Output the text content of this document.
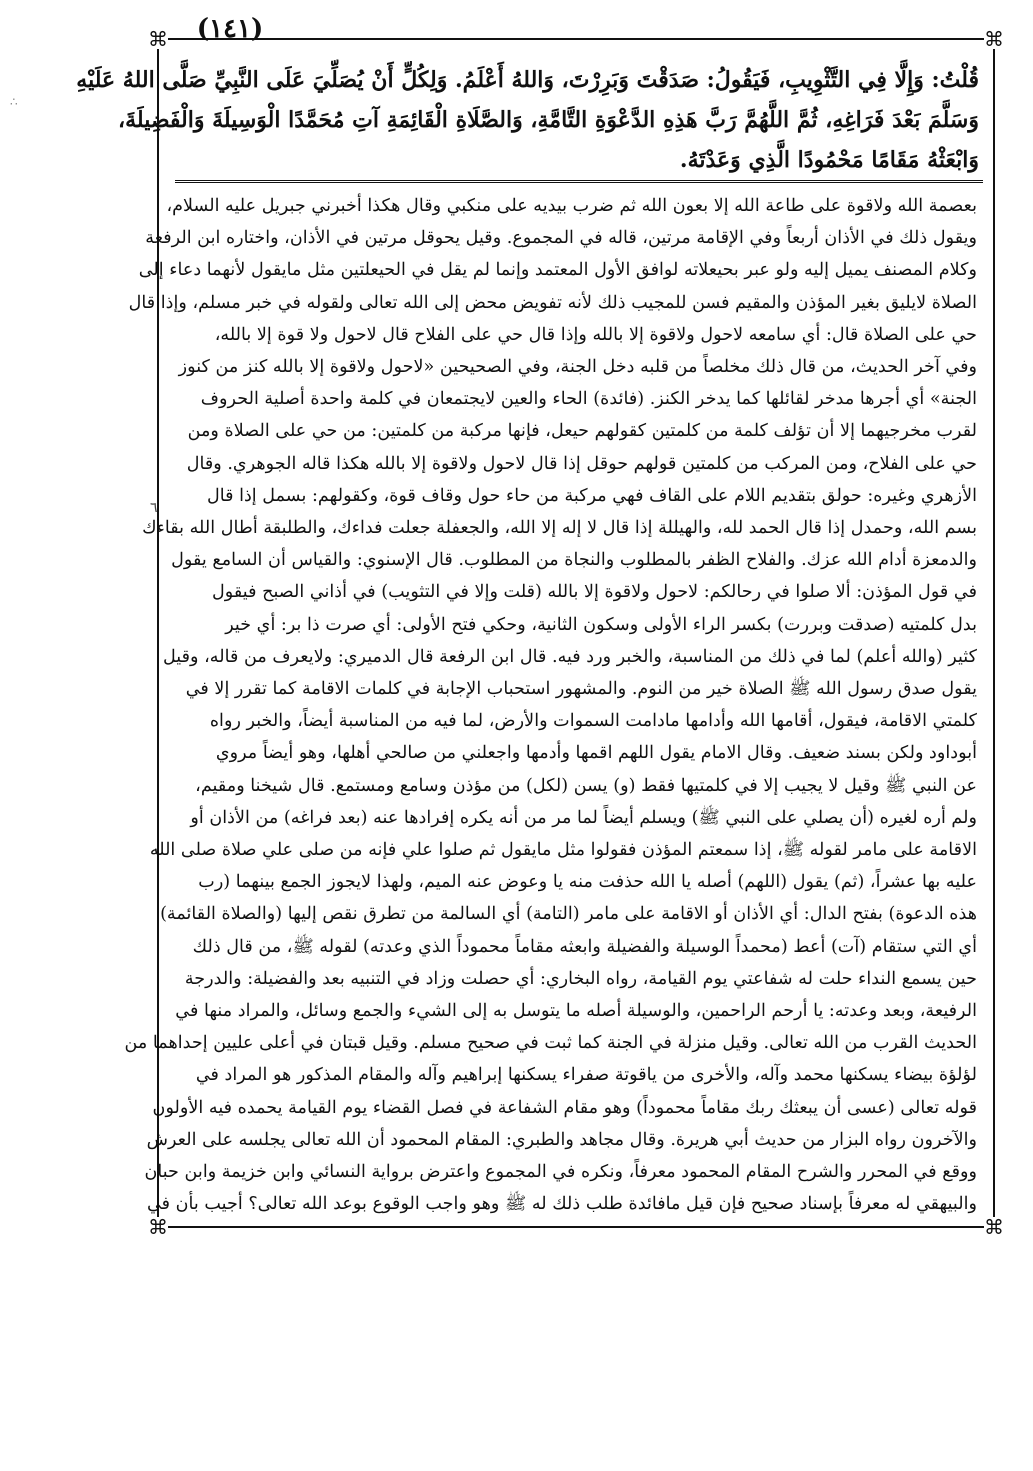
(١٤١)
∴
٦
⌘	⌘
⌘	⌘

قُلْتُ: وَإِلَّا فِي التَّثْوِيبِ، فَيَقُولُ: صَدَقْتَ وَبَرِرْتَ، وَاللهُ أَعْلَمُ. وَلِكُلٍّ أَنْ يُصَلِّيَ عَلَى النَّبِيِّ صَلَّى اللهُ عَلَيْهِ

وَسَلَّمَ بَعْدَ فَرَاغِهِ، ثُمَّ اللَّهُمَّ رَبَّ هَذِهِ الدَّعْوَةِ التَّامَّةِ، وَالصَّلَاةِ الْقَائِمَةِ آتِ مُحَمَّدًا الْوَسِيلَةَ وَالْفَضِيلَةَ،

وَابْعَثْهُ مَقَامًا مَحْمُودًا الَّذِي وَعَدْتَهُ.

بعصمة الله ولاقوة على طاعة الله إلا بعون الله ثم ضرب بيديه على منكبي وقال هكذا أخبرني جبريل عليه السلام،

ويقول ذلك في الأذان أربعاً وفي الإقامة مرتين، قاله في المجموع. وقيل يحوقل مرتين في الأذان، واختاره ابن الرفعة

وكلام المصنف يميل إليه ولو عبر بحيعلاته لوافق الأول المعتمد وإنما لم يقل في الحيعلتين مثل مايقول لأنهما دعاء إلى

الصلاة لايليق بغير المؤذن والمقيم فسن للمجيب ذلك لأنه تفويض محض إلى الله تعالى ولقوله في خبر مسلم، وإذا قال

حي على الصلاة قال: أي سامعه لاحول ولاقوة إلا بالله وإذا قال حي على الفلاح قال لاحول ولا قوة إلا بالله،

وفي آخر الحديث، من قال ذلك مخلصاً من قلبه دخل الجنة، وفي الصحيحين «لاحول ولاقوة إلا بالله كنز من كنوز

الجنة» أي أجرها مدخر لقائلها كما يدخر الكنز. (فائدة) الحاء والعين لايجتمعان في كلمة واحدة أصلية الحروف

لقرب مخرجيهما إلا أن تؤلف كلمة من كلمتين كقولهم حيعل، فإنها مركبة من كلمتين: من حي على الصلاة ومن

حي على الفلاح، ومن المركب من كلمتين قولهم حوقل إذا قال لاحول ولاقوة إلا بالله هكذا قاله الجوهري. وقال

الأزهري وغيره: حولق بتقديم اللام على القاف فهي مركبة من حاء حول وقاف قوة، وكقولهم: بسمل إذا قال

بسم الله، وحمدل إذا قال الحمد لله، والهيللة إذا قال لا إله إلا الله، والجعفلة جعلت فداءك، والطلبقة أطال الله بقاءك

والدمعزة أدام الله عزك. والفلاح الظفر بالمطلوب والنجاة من المطلوب. قال الإسنوي: والقياس أن السامع يقول

في قول المؤذن: ألا صلوا في رحالكم: لاحول ولاقوة إلا بالله (قلت وإلا في التثويب) في أذاني الصبح فيقول

بدل كلمتيه (صدقت وبررت) بكسر الراء الأولى وسكون الثانية، وحكي فتح الأولى: أي صرت ذا بر: أي خير

كثير (والله أعلم) لما في ذلك من المناسبة، والخبر ورد فيه. قال ابن الرفعة قال الدميري: ولايعرف من قاله، وقيل

يقول صدق رسول الله ﷺ الصلاة خير من النوم. والمشهور استحباب الإجابة في كلمات الاقامة كما تقرر إلا في

كلمتي الاقامة، فيقول، أقامها الله وأدامها مادامت السموات والأرض، لما فيه من المناسبة أيضاً، والخبر رواه

أبوداود ولكن بسند ضعيف. وقال الامام يقول اللهم اقمها وأدمها واجعلني من صالحي أهلها، وهو أيضاً مروي

عن النبي ﷺ وقيل لا يجيب إلا في كلمتيها فقط (و) يسن (لكل) من مؤذن وسامع ومستمع. قال شيخنا ومقيم،

ولم أره لغيره (أن يصلي على النبي ﷺ) ويسلم أيضاً لما مر من أنه يكره إفرادها عنه (بعد فراغه) من الأذان أو

الاقامة على مامر لقوله ﷺ، إذا سمعتم المؤذن فقولوا مثل مايقول ثم صلوا علي فإنه من صلى علي صلاة صلى الله

عليه بها عشراً، (ثم) يقول (اللهم) أصله يا الله حذفت منه يا وعوض عنه الميم، ولهذا لايجوز الجمع بينهما (رب

هذه الدعوة) بفتح الدال: أي الأذان أو الاقامة على مامر (التامة) أي السالمة من تطرق نقص إليها (والصلاة القائمة)

أي التي ستقام (آت) أعط (محمداً الوسيلة والفضيلة وابعثه مقاماً محموداً الذي وعدته) لقوله ﷺ، من قال ذلك

حين يسمع النداء حلت له شفاعتي يوم القيامة، رواه البخاري: أي حصلت وزاد في التنبيه بعد والفضيلة: والدرجة

الرفيعة، وبعد وعدته: يا أرحم الراحمين، والوسيلة أصله ما يتوسل به إلى الشيء والجمع وسائل، والمراد منها في

الحديث القرب من الله تعالى. وقيل منزلة في الجنة كما ثبت في صحيح مسلم. وقيل قبتان في أعلى عليين إحداهما من

لؤلؤة بيضاء يسكنها محمد وآله، والأخرى من ياقوتة صفراء يسكنها إبراهيم وآله والمقام المذكور هو المراد في

قوله تعالى (عسى أن يبعثك ربك مقاماً محموداً) وهو مقام الشفاعة في فصل القضاء يوم القيامة يحمده فيه الأولون

والآخرون رواه البزار من حديث أبي هريرة. وقال مجاهد والطبري: المقام المحمود أن الله تعالى يجلسه على العرش

ووقع في المحرر والشرح المقام المحمود معرفاً، ونكره في المجموع واعترض برواية النسائي وابن خزيمة وابن حبان

والبيهقي له معرفاً بإسناد صحيح فإن قيل مافائدة طلب ذلك له ﷺ وهو واجب الوقوع بوعد الله تعالى؟ أجيب بأن في
